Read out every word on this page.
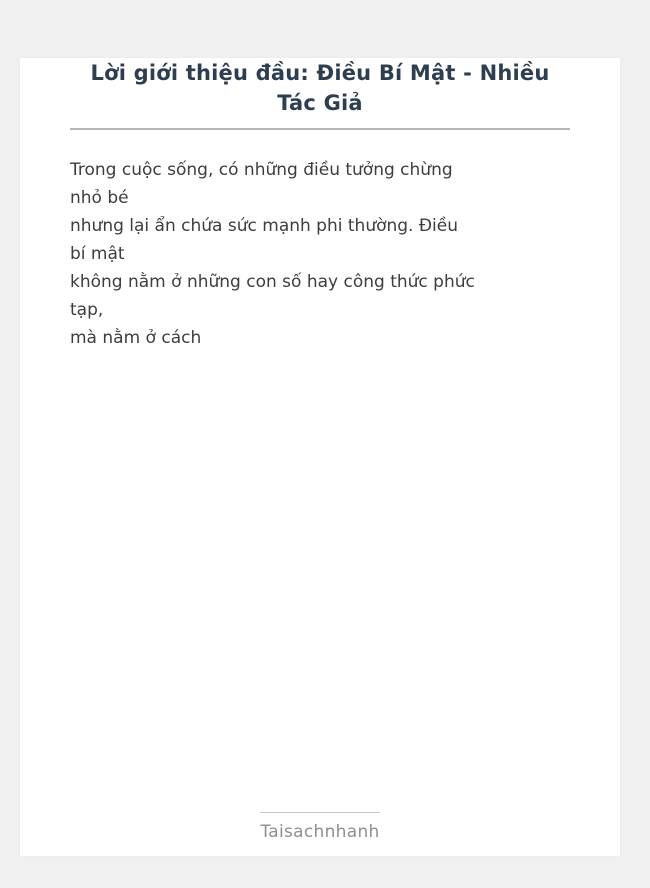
Lời giới thiệu đầu: Điều Bí Mật - Nhiều Tác Giả
Trong cuộc sống, có những điều tưởng chừng
nhỏ bé
nhưng lại ẩn chứa sức mạnh phi thường. Điều
bí mật
không nằm ở những con số hay công thức phức
tạp,
mà nằm ở cách
Taisachnhanh
